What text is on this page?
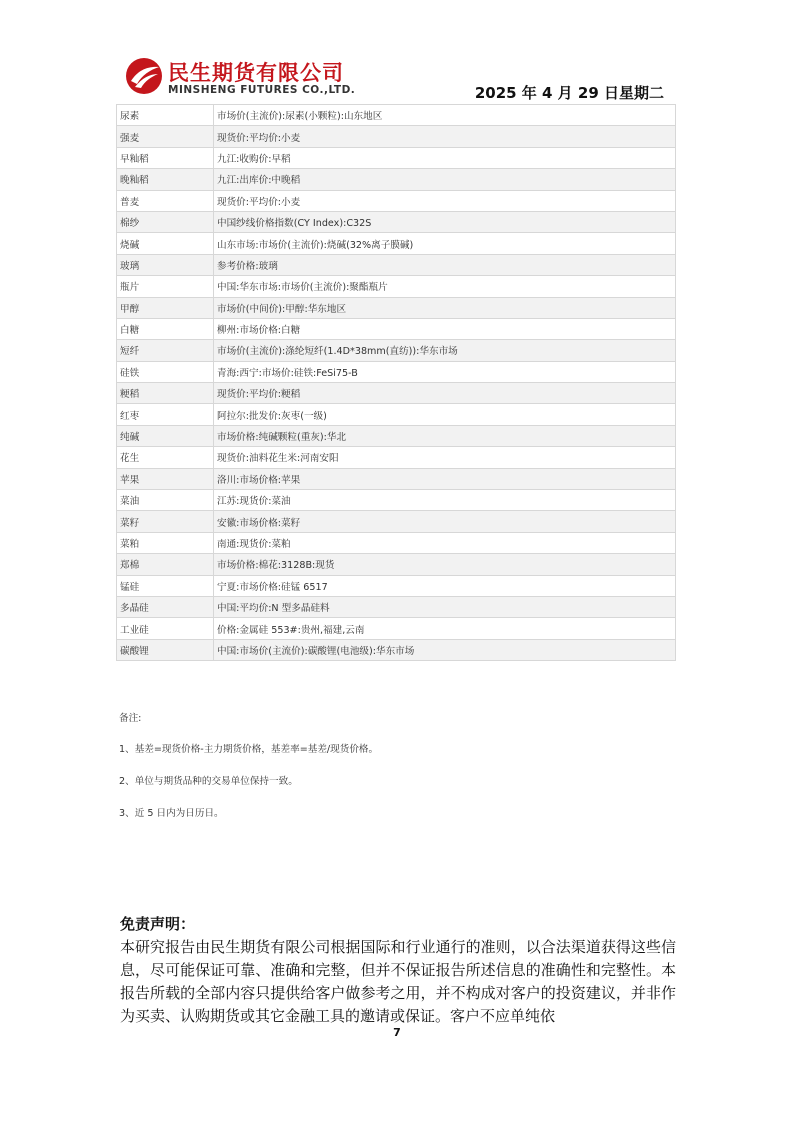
民生期货有限公司
MINSHENG FUTURES CO.,LTD.	2025 年 4 月 29 日星期二
尿素	市场价(主流价):尿素(小颗粒):山东地区
强麦	现货价:平均价:小麦
早籼稻	九江:收购价:早稻
晚籼稻	九江:出库价:中晚稻
普麦	现货价:平均价:小麦
棉纱	中国纱线价格指数(CY Index):C32S
烧碱	山东市场:市场价(主流价):烧碱(32%离子膜碱)
玻璃	参考价格:玻璃
瓶片	中国:华东市场:市场价(主流价):聚酯瓶片
甲醇	市场价(中间价):甲醇:华东地区
白糖	柳州:市场价格:白糖
短纤	市场价(主流价):涤纶短纤(1.4D*38mm(直纺)):华东市场
硅铁	青海:西宁:市场价:硅铁:FeSi75-B
粳稻	现货价:平均价:粳稻
红枣	阿拉尔:批发价:灰枣(一级)
纯碱	市场价格:纯碱颗粒(重灰):华北
花生	现货价:油料花生米:河南安阳
苹果	洛川:市场价格:苹果
菜油	江苏:现货价:菜油
菜籽	安徽:市场价格:菜籽
菜粕	南通:现货价:菜粕
郑棉	市场价格:棉花:3128B:现货
锰硅	宁夏:市场价格:硅锰 6517
多晶硅	中国:平均价:N 型多晶硅料
工业硅	价格:金属硅 553#:贵州,福建,云南
碳酸锂	中国:市场价(主流价):碳酸锂(电池级):华东市场
备注:
1、基差=现货价格-主力期货价格，基差率=基差/现货价格。
2、单位与期货品种的交易单位保持一致。
3、近 5 日内为日历日。
免责声明：
本研究报告由民生期货有限公司根据国际和行业通行的准则，以合法渠道获得这些信息，尽可能保证可靠、准确和完整，但并不保证报告所述信息的准确性和完整性。本报告所载的全部内容只提供给客户做参考之用，并不构成对客户的投资建议，并非作为买卖、认购期货或其它金融工具的邀请或保证。客户不应单纯依
7
